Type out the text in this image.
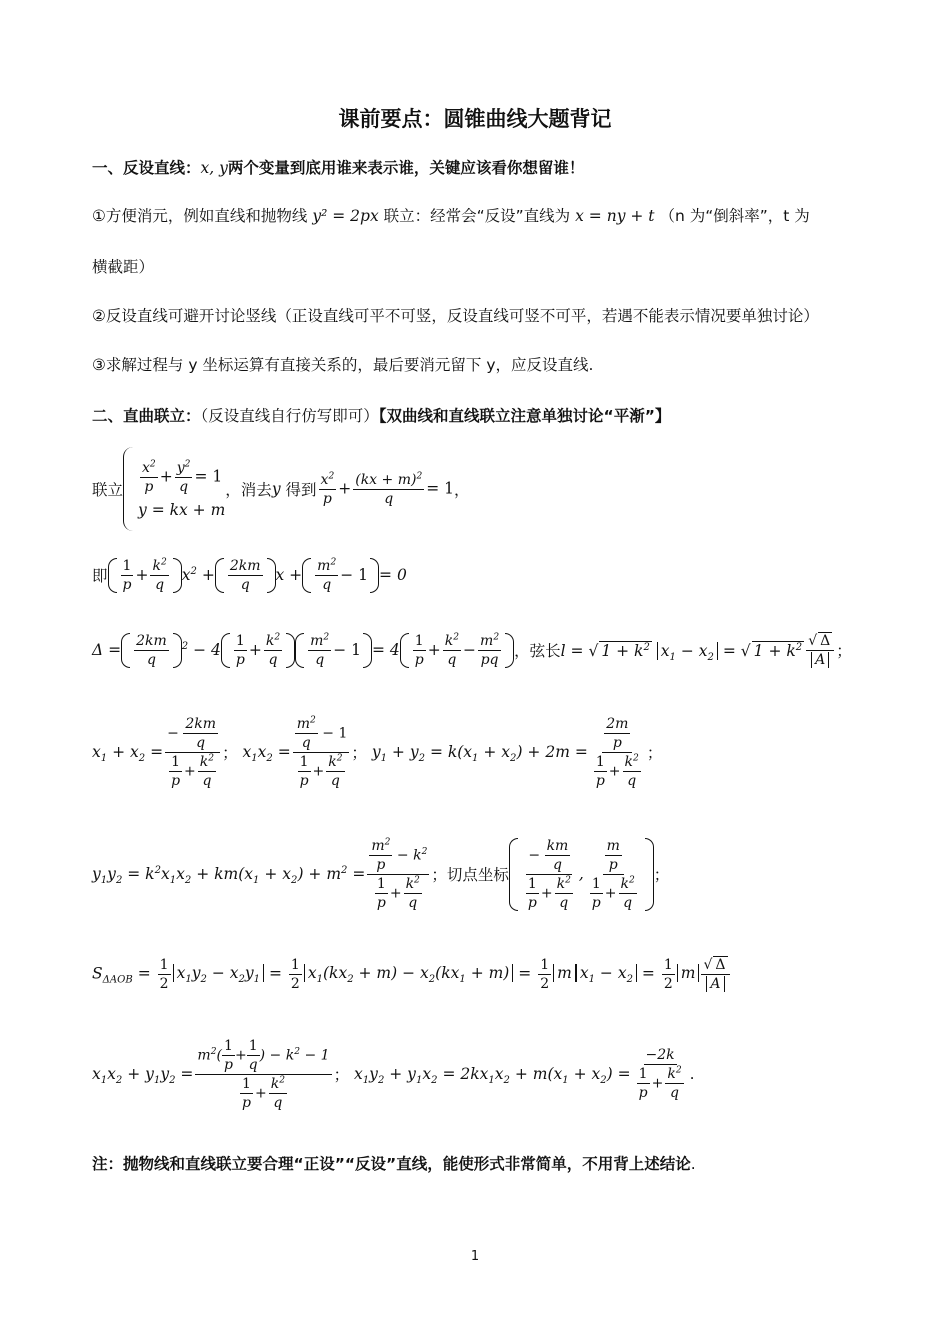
课前要点：圆锥曲线大题背记
一、反设直线：x, y两个变量到底用谁来表示谁，关键应该看你想留谁！
①方便消元，例如直线和抛物线 y² = 2px 联立：经常会“反设”直线为 x = ny + t （n 为“倒斜率”，t 为
横截距）
②反设直线可避开讨论竖线（正设直线可平不可竖，反设直线可竖不可平，若遇不能表示情况要单独讨论）
③求解过程与 y 坐标运算有直接关系的，最后要消元留下 y，应反设直线.
二、直曲联立：（反设直线自行仿写即可）【双曲线和直线联立注意单独讨论“平渐”】
联立 $\frac{x^2}{p} + \frac{y^2}{q} = 1$
y = kx + m
，消去 y
得到 $\frac{x^2}{p} + \frac{(kx + m)^2}{q} = 1$ ，
即
1
p
+
$k^2$
q
$x^2$ +
2km
q
x +
$m^2$
q
− 1 = 0
Δ =
2km
q
$^2$ − 4
1
p
+
$k^2$
q
$m^2$
q
− 1 = 4
1
p
+
$k^2$
q
−
$m^2$
pq ，弦长 l = √ $1 + k^2$ $x_1 - x_2$ = √ $1 + k^2$ √ Δ
A ；
$x_1 + x_2$ =
− $\frac{2km}{q}$
$\frac{1}{p} + \frac{k^2}{q}$
；
$x_1x_2 = \frac{\frac{m^2}{q} - 1}{\frac{1}{p} + \frac{k^2}{q}}$ ；
$y_1 + y_2 = k(x_1 + x_2) + 2m = \frac{\frac{2m}{p}}{\frac{1}{p} + \frac{k^2}{q}}$ ；
$y_1y_2 = k^2x_1x_2 + km(x_1 + x_2) + m^2 = \frac{\frac{m^2}{p} - k^2}{\frac{1}{p} + \frac{k^2}{q}}$ ；切点坐标
− $\frac{km}{q}$
$\frac{1}{p} + \frac{k^2}{q}$
,
$\frac{m}{p}$
$\frac{1}{p} + \frac{k^2}{q}$
；
$S_{\Delta AOB} = \frac{1}{2} x_1y_2 - x_2y_1 = \frac{1}{2} x_1(kx_2 + m) - x_2(kx_1 + m) = \frac{1}{2}$ m $x_1 - x_2 = \frac{1}{2}$ m √ Δ
A
$x_1x_2 + y_1y_2 = \frac{m^2( \frac{1}{p} + \frac{1}{q} ) - k^2 - 1}{\frac{1}{p} + \frac{k^2}{q}}$ ；
$x_1y_2 + y_1x_2 = 2kx_1x_2 + m(x_1 + x_2) = \frac{-2k}{\frac{1}{p} + \frac{k^2}{q}}$ .
注：抛物线和直线联立要合理“正设”“反设”直线，能使形式非常简单，不用背上述结论.
1
